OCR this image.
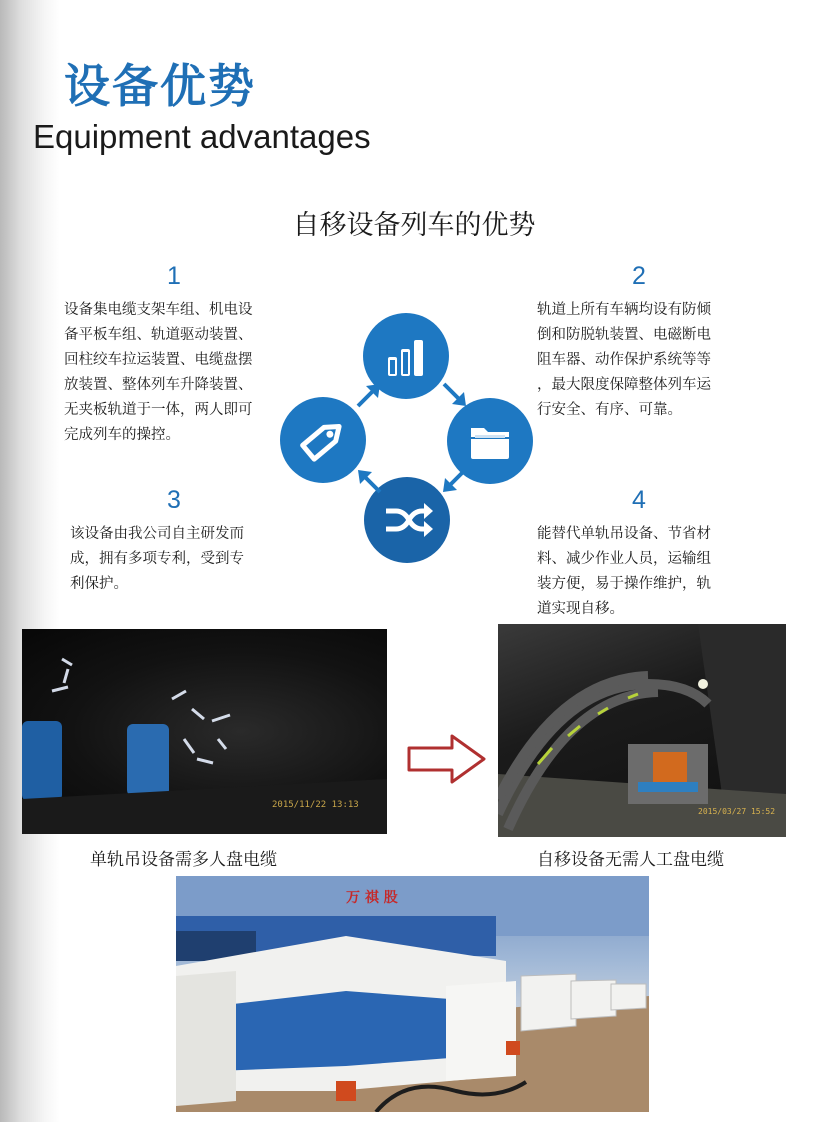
设备优势
Equipment advantages
自移设备列车的优势
1	2
3	4
设备集电缆支架车组、机电设
备平板车组、轨道驱动装置、
回柱绞车拉运装置、电缆盘摆
放装置、整体列车升降装置、
无夹板轨道于一体，两人即可
完成列车的操控。
轨道上所有车辆均设有防倾
倒和防脱轨装置、电磁断电
阻车器、动作保护系统等等
，最大限度保障整体列车运
行安全、有序、可靠。
该设备由我公司自主研发而
成，拥有多项专利，受到专
利保护。
能替代单轨吊设备、节省材
料、减少作业人员，运输组
装方便，易于操作维护，轨
道实现自移。
2015/11/22 13:13
2015/03/27 15:52
单轨吊设备需多人盘电缆	自移设备无需人工盘电缆
万 祺 股
